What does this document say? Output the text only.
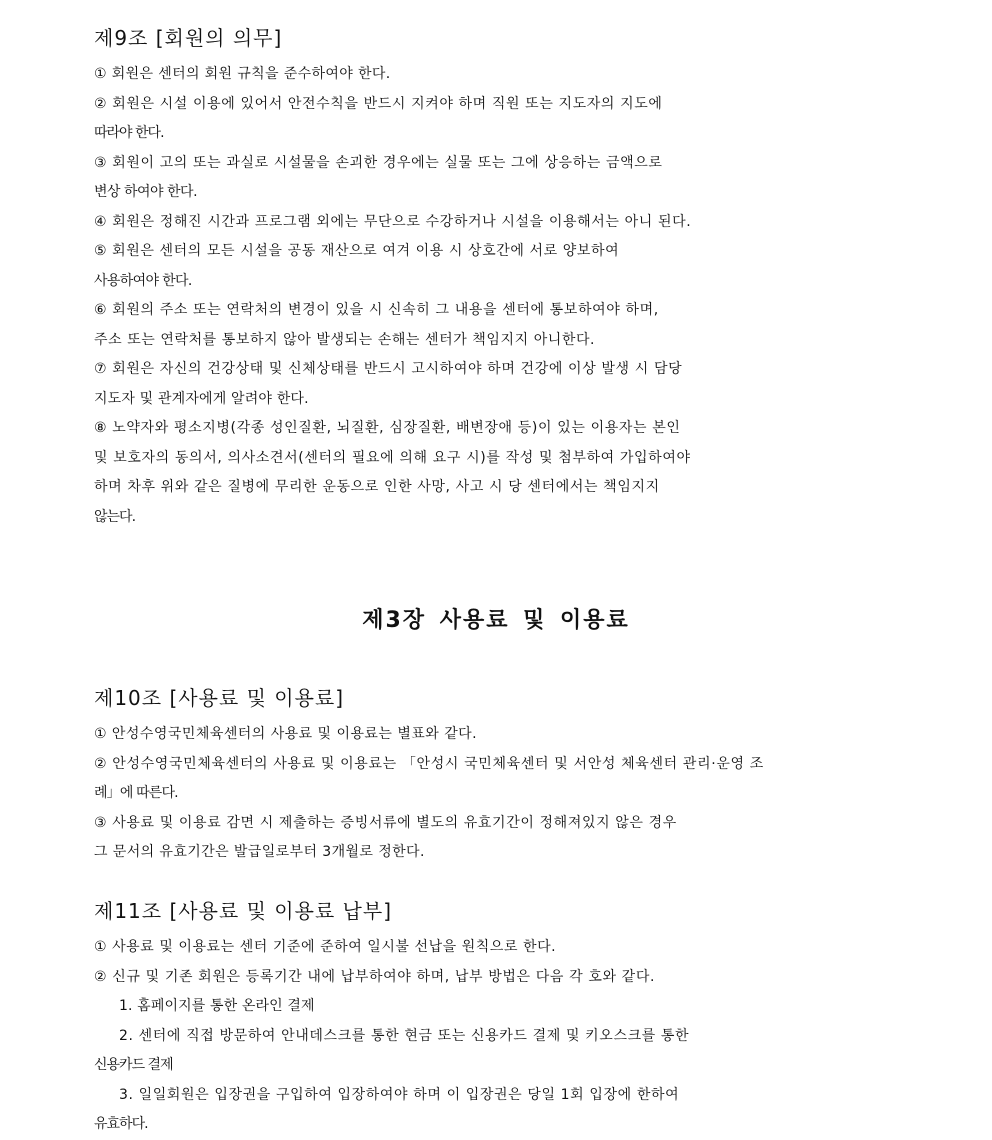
제9조 [회원의 의무]
① 회원은 센터의 회원 규칙을 준수하여야 한다.
② 회원은 시설 이용에 있어서 안전수칙을 반드시 지켜야 하며 직원 또는 지도자의 지도에
따라야 한다.
③ 회원이 고의 또는 과실로 시설물을 손괴한 경우에는 실물 또는 그에 상응하는 금액으로
변상 하여야 한다.
④ 회원은 정해진 시간과 프로그램 외에는 무단으로 수강하거나 시설을 이용해서는 아니 된다.
⑤ 회원은 센터의 모든 시설을 공동 재산으로 여겨 이용 시 상호간에 서로 양보하여
사용하여야 한다.
⑥ 회원의 주소 또는 연락처의 변경이 있을 시 신속히 그 내용을 센터에 통보하여야 하며,
주소 또는 연락처를 통보하지 않아 발생되는 손해는 센터가 책임지지 아니한다.
⑦ 회원은 자신의 건강상태 및 신체상태를 반드시 고시하여야 하며 건강에 이상 발생 시 담당
지도자 및 관계자에게 알려야 한다.
⑧ 노약자와 평소지병(각종 성인질환, 뇌질환, 심장질환, 배변장애 등)이 있는 이용자는 본인
및 보호자의 동의서, 의사소견서(센터의 필요에 의해 요구 시)를 작성 및 첨부하여 가입하여야
하며 차후 위와 같은 질병에 무리한 운동으로 인한 사망, 사고 시 당 센터에서는 책임지지
않는다.
제3장 사용료 및 이용료
제10조 [사용료 및 이용료]
① 안성수영국민체육센터의 사용료 및 이용료는 별표와 같다.
② 안성수영국민체육센터의 사용료 및 이용료는 「안성시 국민체육센터 및 서안성 체육센터 관리·운영 조
례」에 따른다.
③ 사용료 및 이용료 감면 시 제출하는 증빙서류에 별도의 유효기간이 정해져있지 않은 경우
그 문서의 유효기간은 발급일로부터 3개월로 정한다.
제11조 [사용료 및 이용료 납부]
① 사용료 및 이용료는 센터 기준에 준하여 일시불 선납을 원칙으로 한다.
② 신규 및 기존 회원은 등록기간 내에 납부하여야 하며, 납부 방법은 다음 각 호와 같다.
1. 홈페이지를 통한 온라인 결제
2. 센터에 직접 방문하여 안내데스크를 통한 현금 또는 신용카드 결제 및 키오스크를 통한
신용카드 결제
3. 일일회원은 입장권을 구입하여 입장하여야 하며 이 입장권은 당일 1회 입장에 한하여
유효하다.
